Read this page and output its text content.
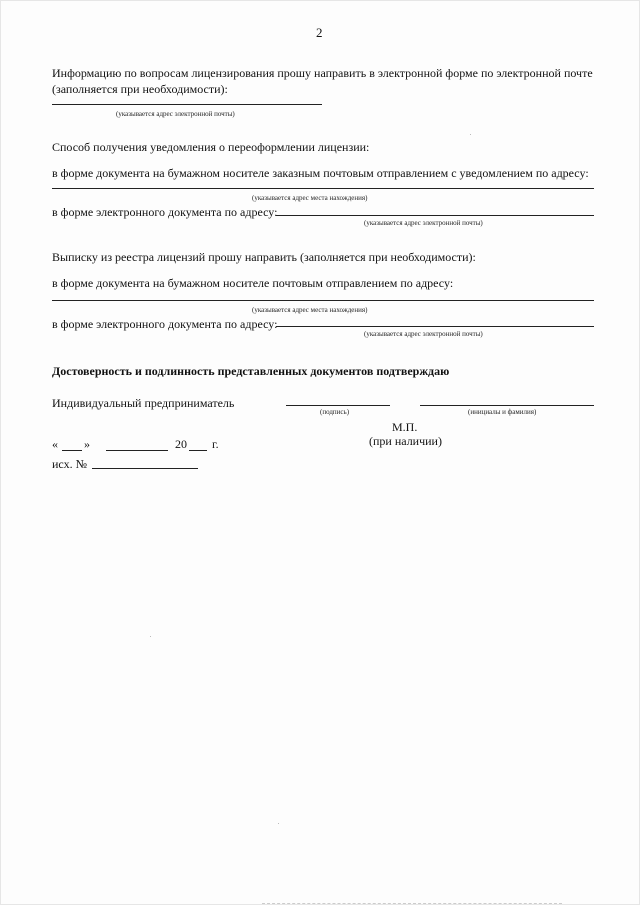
2
Информацию по вопросам лицензирования прошу направить в электронной форме по электронной почте
(заполняется при необходимости):
(указывается адрес электронной почты)
Способ получения уведомления о переоформлении лицензии:
в форме документа на бумажном носителе заказным почтовым отправлением с уведомлением по адресу:
(указывается адрес места нахождения)
в форме электронного документа по адресу:
(указывается адрес электронной почты)
Выписку из реестра лицензий прошу направить (заполняется при необходимости):
в форме документа на бумажном носителе почтовым отправлением по адресу:
(указывается адрес места нахождения)
в форме электронного документа по адресу:
(указывается адрес электронной почты)
Достоверность и подлинность представленных документов подтверждаю
Индивидуальный предприниматель
(подпись)	(инициалы и фамилия)
М.П.
(при наличии)
« »	20 г.
исх. №
